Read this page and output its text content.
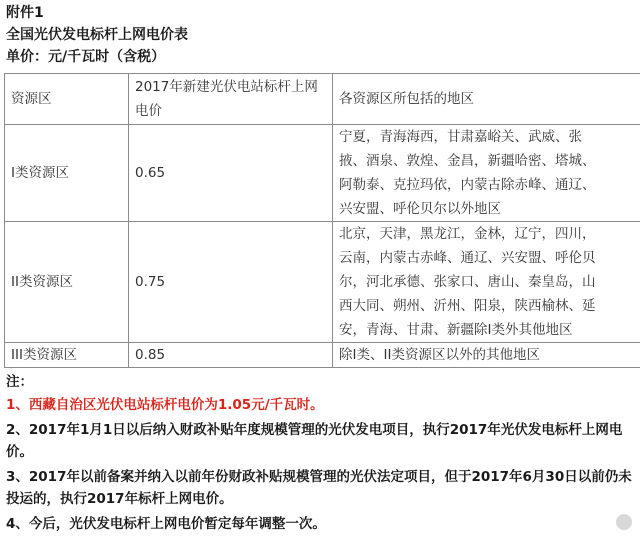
附件1
全国光伏发电标杆上网电价表
单价：元/千瓦时（含税）
资源区	2017年新建光伏电站标杆上网电价	各资源区所包括的地区
I类资源区	0.65	宁夏，青海海西，甘肃嘉峪关、武威、张

掖、酒泉、敦煌、金昌，新疆哈密、塔城、

阿勒泰、克拉玛依，内蒙古除赤峰、通辽、

兴安盟、呼伦贝尔以外地区

II类资源区	0.75	北京，天津，黑龙江，金林，辽宁，四川，

云南，内蒙古赤峰、通辽、兴安盟、呼伦贝

尔，河北承德、张家口、唐山、秦皇岛，山

西大同、朔州、沂州、阳泉，陕西榆林、延

安，青海、甘肃、新疆除I类外其他地区

III类资源区	0.85	除I类、II类资源区以外的其他地区
注：
1、西藏自治区光伏电站标杆电价为1.05元/千瓦时。
2、2017年1月1日以后纳入财政补贴年度规模管理的光伏发电项目，执行2017年光伏发电标杆上网电价。
3、2017年以前备案并纳入以前年份财政补贴规模管理的光伏法定项目，但于2017年6月30日以前仍未投运的，执行2017年标杆上网电价。
4、今后，光伏发电标杆上网电价暂定每年调整一次。
